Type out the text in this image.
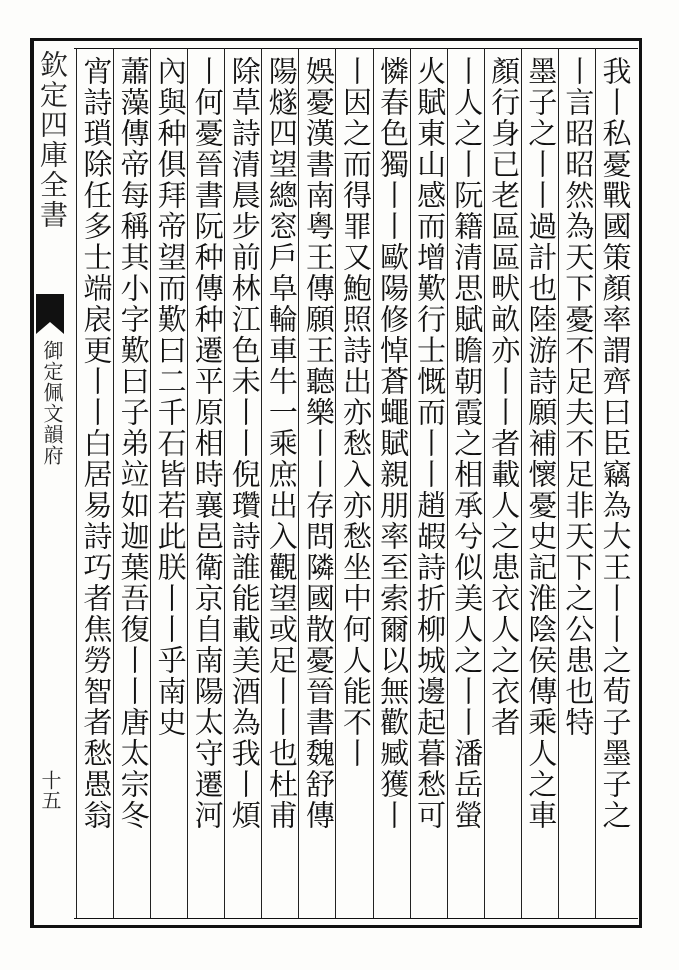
欽定四庫全書
御定佩文韻府
十五	我丨私憂戰國策顏率謂齊曰臣竊為大王丨丨之荀子墨子之
丨言昭昭然為天下憂不足夫不足非天下之公患也特
墨子之丨丨過計也陸游詩願補懷憂史記淮陰侯傳乘人之車
顏行身已老區區畎畝亦丨丨者載人之患衣人之衣者
丨人之丨阮籍清思賦瞻朝霞之相承兮似美人之丨丨潘岳螢
火賦東山感而增歎行士慨而丨丨趙嘏詩折柳城邊起暮愁可
憐春色獨丨丨歐陽修悼蒼蠅賦親朋率至索爾以無歡臧獲丨
丨因之而得罪又鮑照詩出亦愁入亦愁坐中何人能不丨
娛憂漢書南粤王傳願王聽樂丨丨存問隣國散憂晉書魏舒傳
陽燧四望總窓戶阜輪車牛一乘庶出入觀望或足丨丨也杜甫
除草詩清晨步前林江色未丨丨倪瓚詩誰能載美酒為我丨煩
丨何憂晉書阮种傳种遷平原相時襄邑衛京自南陽太守遷河
內與种俱拜帝望而歎曰二千石皆若此朕丨丨乎南史
蕭藻傳帝每稱其小字歎曰子弟竝如迦葉吾復丨丨唐太宗冬
宵詩瑣除任多士端扆更丨丨白居易詩巧者焦勞智者愁愚翁
